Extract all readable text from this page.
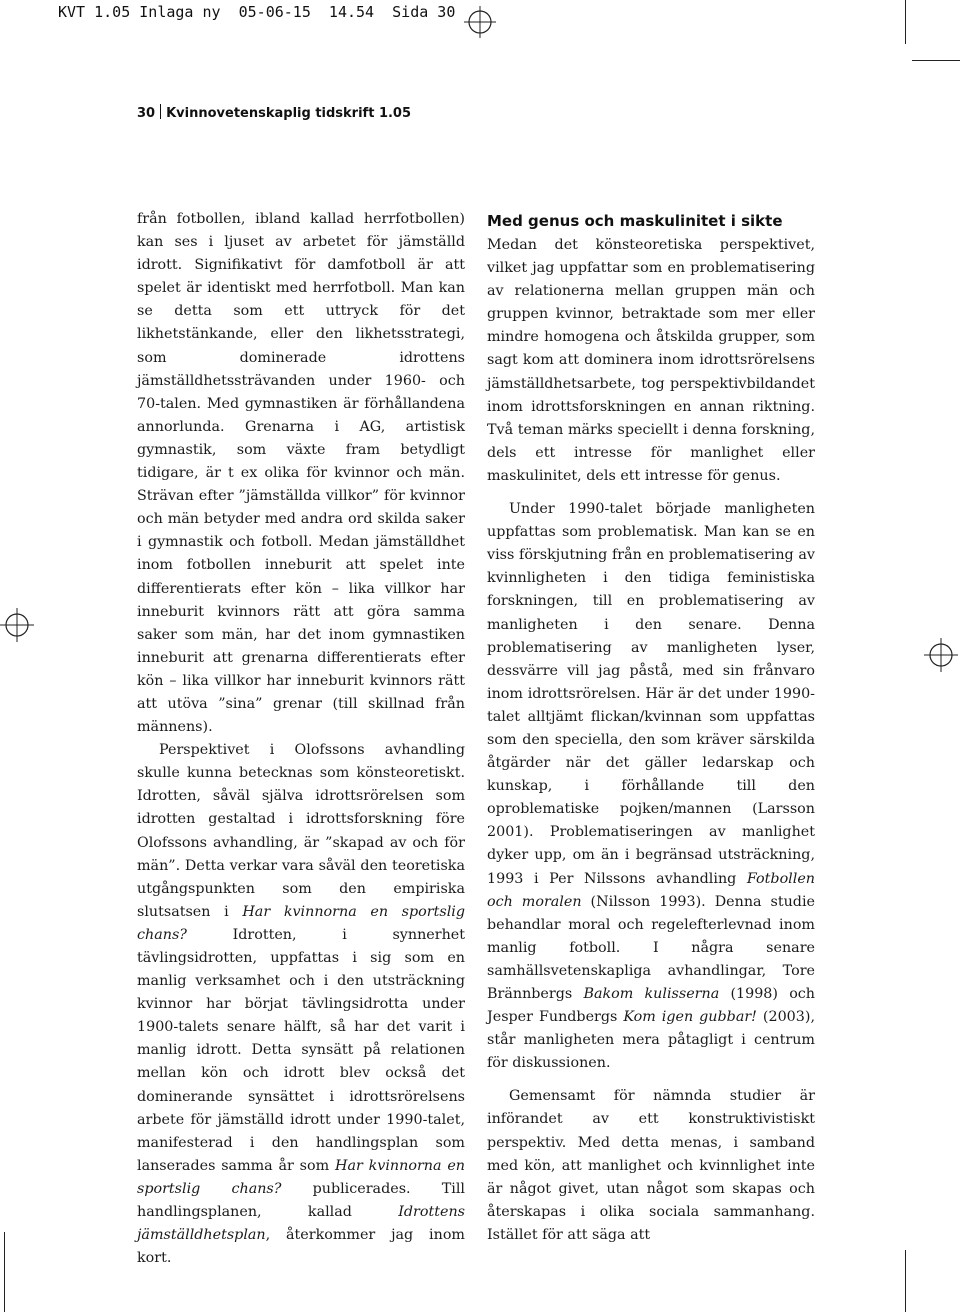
KVT 1.05 Inlaga ny  05-06-15  14.54  Sida 30
30 Kvinnovetenskaplig tidskrift 1.05

från fotbollen, ibland kallad herrfotbollen) kan ses i ljuset av arbetet för jämställd idrott. Signifikativt för damfotboll är att spelet är identiskt med herrfotboll. Man kan se detta som ett uttryck för det likhetstänkande, eller den likhetsstrategi, som dominerade idrottens jämställdhetssträvanden under 1960- och 70-talen. Med gymnastiken är förhållandena annorlunda. Grenarna i AG, artistisk gymnastik, som växte fram betydligt tidigare, är t ex olika för kvinnor och män. Strävan efter ”jämställda villkor” för kvinnor och män betyder med andra ord skilda saker i gymnastik och fotboll. Medan jämställdhet inom fotbollen inneburit att spelet inte differentierats efter kön – lika villkor har inneburit kvinnors rätt att göra samma saker som män, har det inom gymnastiken inneburit att grenarna differentierats efter kön – lika villkor har inneburit kvinnors rätt att utöva ”sina” grenar (till skillnad från männens).

Perspektivet i Olofssons avhandling skulle kunna betecknas som könsteoretiskt. Idrotten, såväl själva idrottsrörelsen som idrotten gestaltad i idrottsforskning före Olofssons avhandling, är ”skapad av och för män”. Detta verkar vara såväl den teoretiska utgångspunkten som den empiriska slutsatsen i Har kvinnorna en sportslig chans? Idrotten, i synnerhet tävlingsidrotten, uppfattas i sig som en manlig verksamhet och i den utsträckning kvinnor har börjat tävlingsidrotta under 1900-talets senare hälft, så har det varit i manlig idrott. Detta synsätt på relationen mellan kön och idrott blev också det dominerande synsättet i idrottsrörelsens arbete för jämställd idrott under 1990-talet, manifesterad i den handlingsplan som lanserades samma år som Har kvinnorna en sportslig chans? publicerades. Till handlingsplanen, kallad Idrottens jämställdhetsplan, återkommer jag inom kort.

Med genus och maskulinitet i sikte

Medan det könsteoretiska perspektivet, vilket jag uppfattar som en problematisering av relationerna mellan gruppen män och gruppen kvinnor, betraktade som mer eller mindre homogena och åtskilda grupper, som sagt kom att dominera inom idrottsrörelsens jämställdhetsarbete, tog perspektivbildandet inom idrottsforskningen en annan riktning. Två teman märks speciellt i denna forskning, dels ett intresse för manlighet eller maskulinitet, dels ett intresse för genus.

Under 1990-talet började manligheten uppfattas som problematisk. Man kan se en viss förskjutning från en problematisering av kvinnligheten i den tidiga feministiska forskningen, till en problematisering av manligheten i den senare. Denna problematisering av manligheten lyser, dessvärre vill jag påstå, med sin frånvaro inom idrottsrörelsen. Här är det under 1990-talet alltjämt flickan/kvinnan som uppfattas som den speciella, den som kräver särskilda åtgärder när det gäller ledarskap och kunskap, i förhållande till den oproblematiske pojken/mannen (Larsson 2001). Problematiseringen av manlighet dyker upp, om än i begränsad utsträckning, 1993 i Per Nilssons avhandling Fotbollen och moralen (Nilsson 1993). Denna studie behandlar moral och regelefterlevnad inom manlig fotboll. I några senare samhällsvetenskapliga avhandlingar, Tore Brännbergs Bakom kulisserna (1998) och Jesper Fundbergs Kom igen gubbar! (2003), står manligheten mera påtagligt i centrum för diskussionen.

Gemensamt för nämnda studier är införandet av ett konstruktivistiskt perspektiv. Med detta menas, i samband med kön, att manlighet och kvinnlighet inte är något givet, utan något som skapas och återskapas i olika sociala sammanhang. Istället för att säga att
